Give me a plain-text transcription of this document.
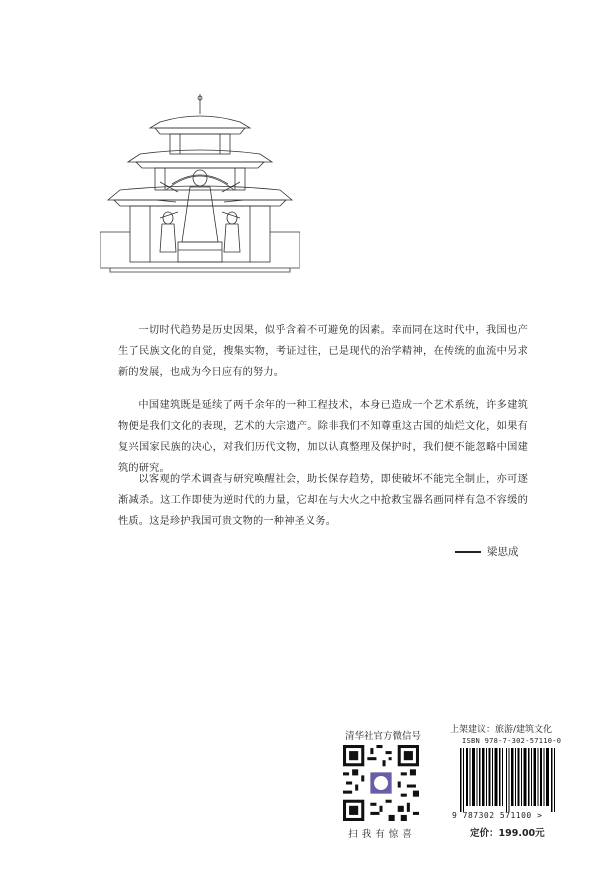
一切时代趋势是历史因果，似乎含着不可避免的因素。幸而同在这时代中，我国也产生了民族文化的自觉，搜集实物，考证过往，已是现代的治学精神，在传统的血流中另求新的发展，也成为今日应有的努力。

中国建筑既是延续了两千余年的一种工程技术，本身已造成一个艺术系统，许多建筑物便是我们文化的表现，艺术的大宗遗产。除非我们不知尊重这古国的灿烂文化，如果有复兴国家民族的决心，对我们历代文物，加以认真整理及保护时，我们便不能忽略中国建筑的研究。

以客观的学术调查与研究唤醒社会，助长保存趋势，即使破坏不能完全制止，亦可逐渐减杀。这工作即使为逆时代的力量，它却在与大火之中抢救宝器名画同样有急不容缓的性质。这是珍护我国可贵文物的一种神圣义务。

梁思成
清华社官方微信号
扫我有惊喜
上架建议：旅游/建筑文化
ISBN 978-7-302-57110-0
9 787302 571100 >
定价：199.00元
